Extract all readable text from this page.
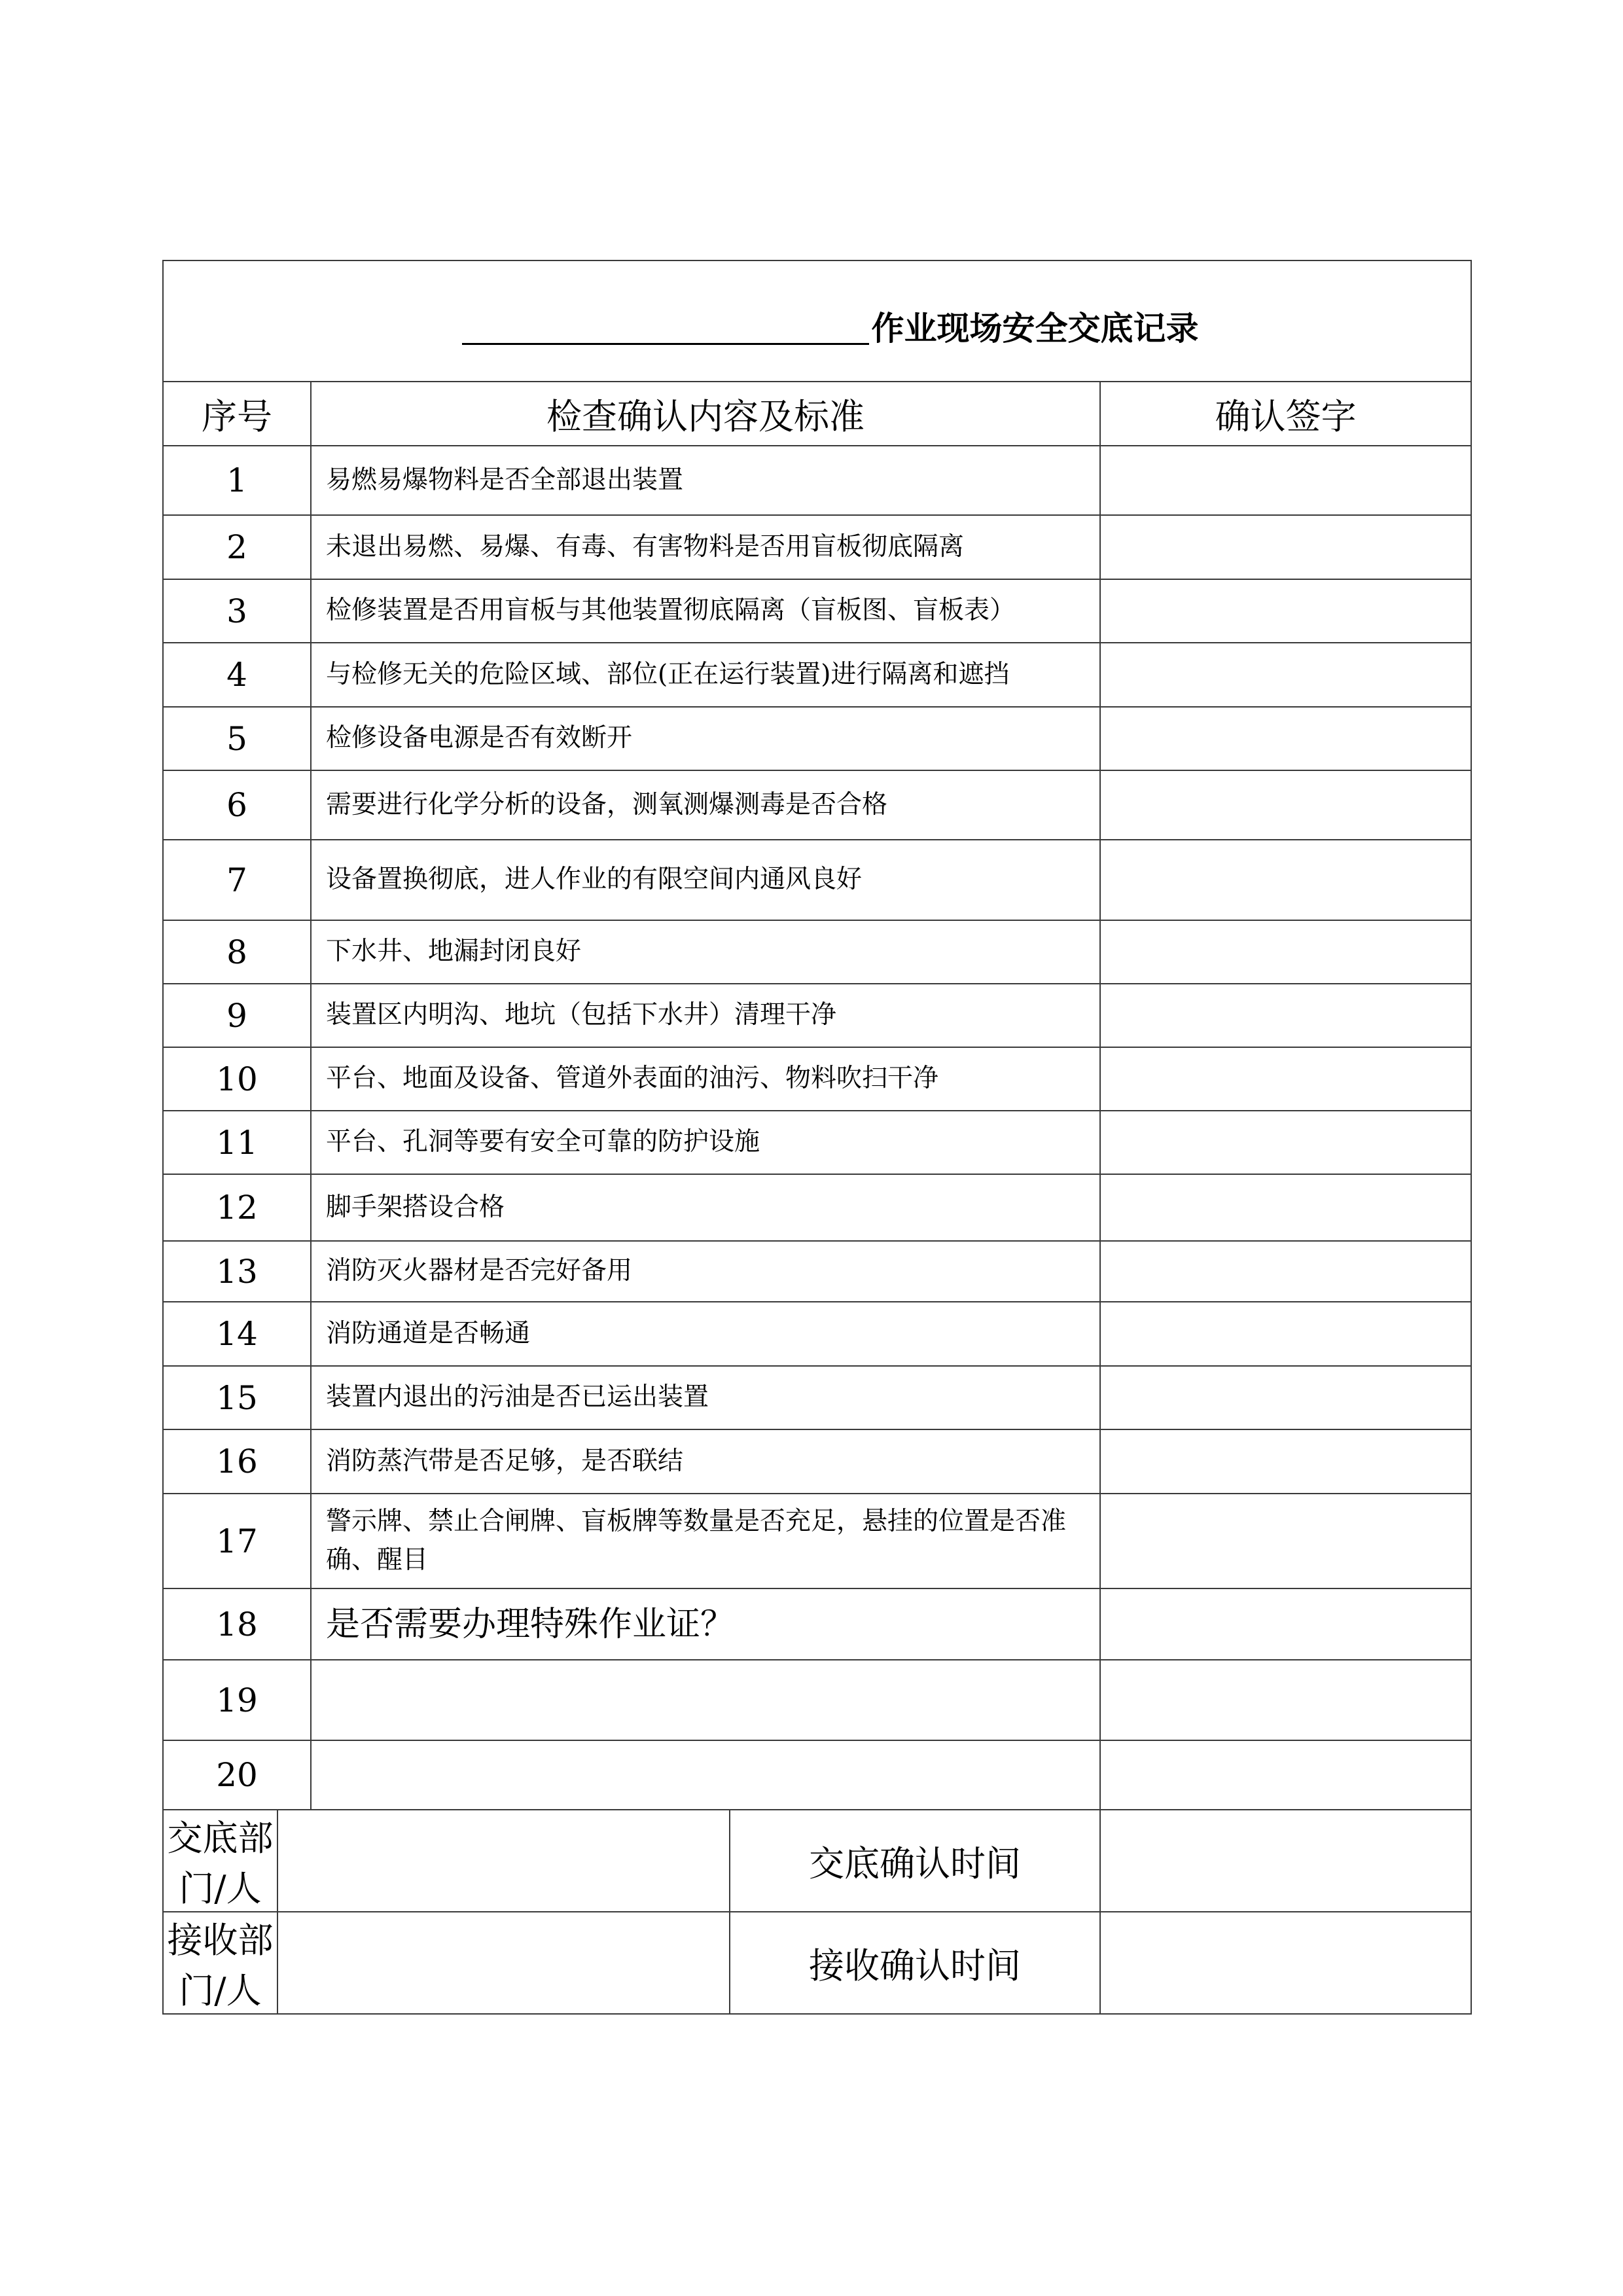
作业现场安全交底记录				

序号		检查确认内容及标准		确认签字
1		易燃易爆物料是否全部退出装置		
2		未退出易燃、易爆、有毒、有害物料是否用盲板彻底隔离		
3		检修装置是否用盲板与其他装置彻底隔离（盲板图、盲板表）		
4		与检修无关的危险区域、部位(正在运行装置)进行隔离和遮挡		
5		检修设备电源是否有效断开		
6		需要进行化学分析的设备，测氧测爆测毒是否合格		
7		设备置换彻底，进人作业的有限空间内通风良好		
8		下水井、地漏封闭良好		
9		装置区内明沟、地坑（包括下水井）清理干净		
10		平台、地面及设备、管道外表面的油污、物料吹扫干净		
11		平台、孔洞等要有安全可靠的防护设施		
12		脚手架搭设合格		
13		消防灭火器材是否完好备用		
14		消防通道是否畅通		
15		装置内退出的污油是否已运出装置		
16		消防蒸汽带是否足够，是否联结		
17		警示牌、禁止合闸牌、盲板牌等数量是否充足，悬挂的位置是否准确、醒目		
18		是否需要办理特殊作业证？		
19				
20				
交底部门/人			交底确认时间	
接收部门/人			接收确认时间	
